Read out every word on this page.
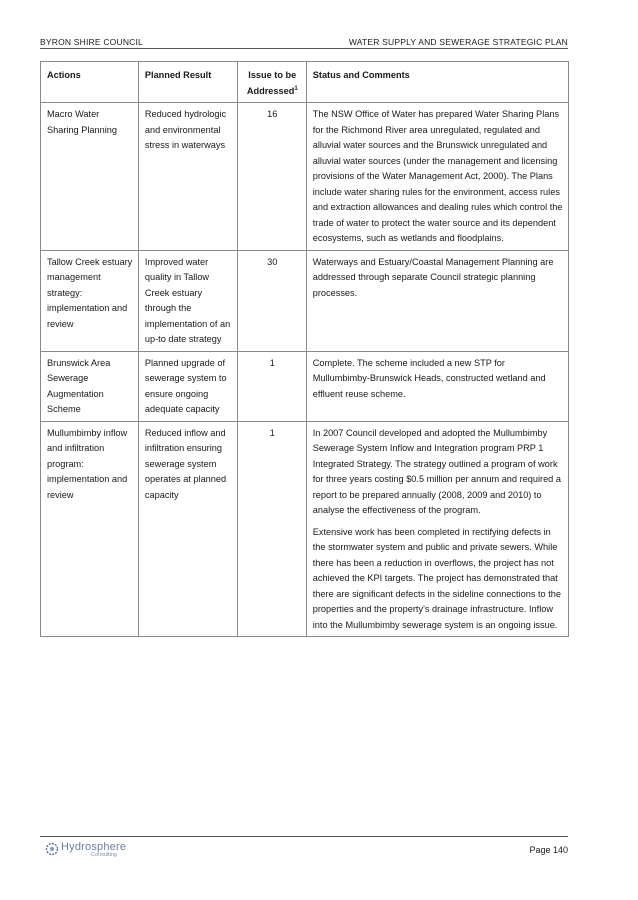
BYRON SHIRE COUNCIL	WATER SUPPLY AND SEWERAGE STRATEGIC PLAN
Actions	Planned Result	Issue to be Addressed$^1$	Status and Comments
Macro Water Sharing Planning	Reduced hydrologic and environmental stress in waterways	16	The NSW Office of Water has prepared Water Sharing Plans for the Richmond River area unregulated, regulated and alluvial water sources and the Brunswick unregulated and alluvial water sources (under the management and licensing provisions of the Water Management Act, 2000). The Plans include water sharing rules for the environment, access rules and extraction allowances and dealing rules which control the trade of water to protect the water source and its dependent ecosystems, such as wetlands and floodplains.

Tallow Creek estuary management strategy: implementation and review	Improved water quality in Tallow Creek estuary through the implementation of an up-to date strategy	30	Waterways and Estuary/Coastal Management Planning are addressed through separate Council strategic planning processes.

Brunswick Area Sewerage Augmentation Scheme	Planned upgrade of sewerage system to ensure ongoing adequate capacity	1	Complete. The scheme included a new STP for Mullumbimby-Brunswick Heads, constructed wetland and effluent reuse scheme.

Mullumbimby inflow and infiltration program: implementation and review	Reduced inflow and infiltration ensuring sewerage system operates at planned capacity	1	In 2007 Council developed and adopted the Mullumbimby Sewerage System Inflow and Integration program PRP 1 Integrated Strategy. The strategy outlined a program of work for three years costing $0.5 million per annum and required a report to be prepared annually (2008, 2009 and 2010) to analyse the effectiveness of the program.

Extensive work has been completed in rectifying defects in the stormwater system and public and private sewers. While there has been a reduction in overflows, the project has not achieved the KPI targets. The project has demonstrated that there are significant defects in the sideline connections to the properties and the property's drainage infrastructure. Inflow into the Mullumbimby sewerage system is an ongoing issue.

Hydrosphere
Consulting	Page 140
